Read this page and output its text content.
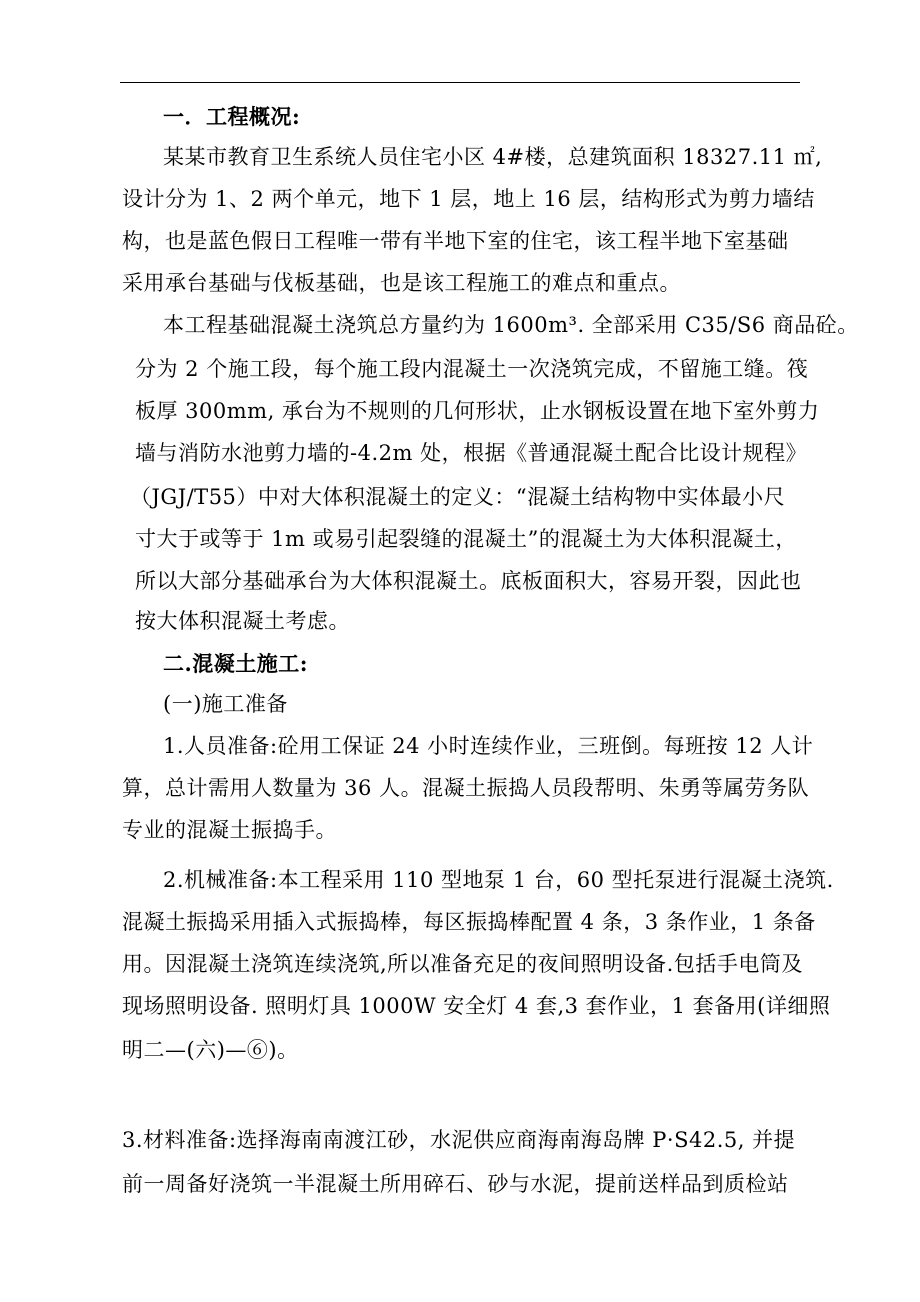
一．工程概况:
某某市教育卫生系统人员住宅小区 4#楼，总建筑面积 18327.11 ㎡,
设计分为 1、2 两个单元，地下 1 层，地上 16 层，结构形式为剪力墙结
构，也是蓝色假日工程唯一带有半地下室的住宅，该工程半地下室基础
采用承台基础与伐板基础，也是该工程施工的难点和重点。
本工程基础混凝土浇筑总方量约为 1600m³. 全部采用 C35/S6 商品砼。
分为 2 个施工段，每个施工段内混凝土一次浇筑完成，不留施工缝。筏
板厚 300mm, 承台为不规则的几何形状，止水钢板设置在地下室外剪力
墙与消防水池剪力墙的-4.2m 处，根据《普通混凝土配合比设计规程》
（JGJ/T55）中对大体积混凝土的定义：“混凝土结构物中实体最小尺
寸大于或等于 1m 或易引起裂缝的混凝土”的混凝土为大体积混凝土，
所以大部分基础承台为大体积混凝土。底板面积大，容易开裂，因此也
按大体积混凝土考虑。
二.混凝土施工:
(一)施工准备
1.人员准备:砼用工保证 24 小时连续作业，三班倒。每班按 12 人计
算，总计需用人数量为 36 人。混凝土振捣人员段帮明、朱勇等属劳务队
专业的混凝土振捣手。
2.机械准备:本工程采用 110 型地泵 1 台，60 型托泵进行混凝土浇筑.
混凝土振捣采用插入式振捣棒，每区振捣棒配置 4 条，3 条作业，1 条备
用。因混凝土浇筑连续浇筑,所以准备充足的夜间照明设备.包括手电筒及
现场照明设备. 照明灯具 1000W 安全灯 4 套,3 套作业，1 套备用(详细照
明二—(六)—⑥)。
3.材料准备:选择海南南渡江砂，水泥供应商海南海岛牌 P·S42.5, 并提
前一周备好浇筑一半混凝土所用碎石、砂与水泥，提前送样品到质检站
